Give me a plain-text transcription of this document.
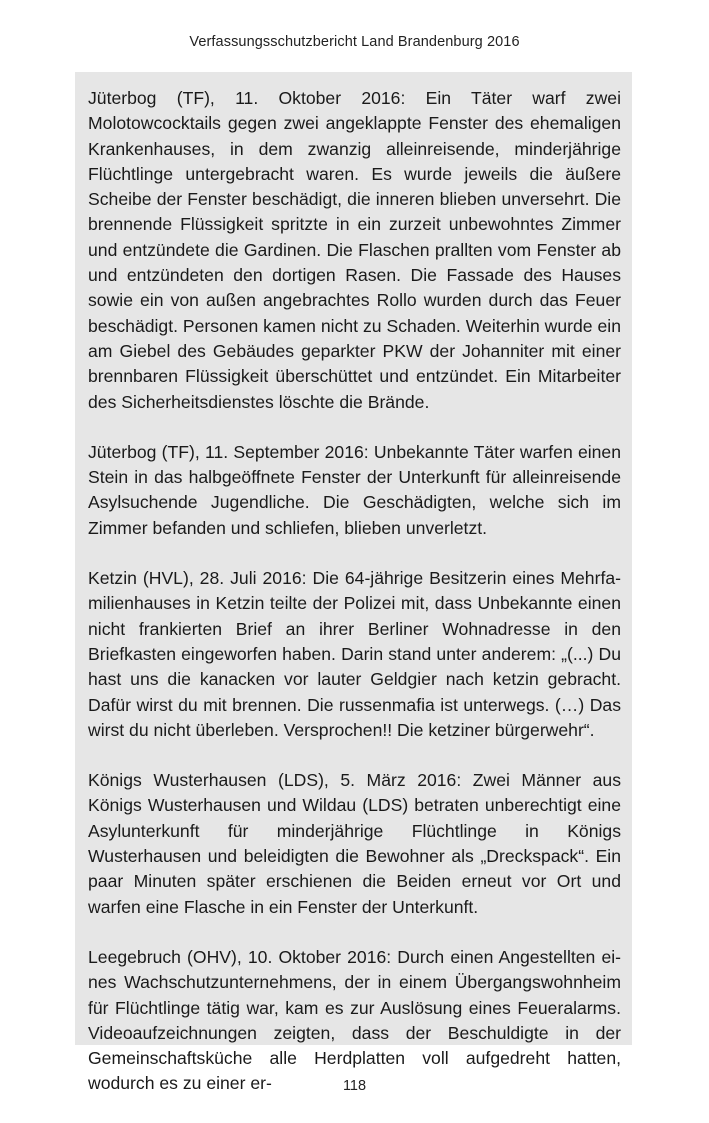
Verfassungsschutzbericht Land Brandenburg 2016

Jüterbog (TF), 11. Oktober 2016: Ein Täter warf zwei Molotowcocktails gegen zwei angeklappte Fenster des ehemaligen Krankenhauses, in dem zwanzig alleinreisende, minderjährige Flüchtlinge untergebracht waren. Es wurde jeweils die äußere Scheibe der Fenster beschädigt, die inneren blieben unversehrt. Die brennende Flüssigkeit spritzte in ein zurzeit unbewohntes Zimmer und entzündete die Gardinen. Die Flaschen prallten vom Fenster ab und entzündeten den dortigen Rasen. Die Fassade des Hauses sowie ein von außen angebrachtes Rollo wurden durch das Feuer beschädigt. Personen kamen nicht zu Schaden. Weiterhin wurde ein am Giebel des Gebäudes geparkter PKW der Johanniter mit einer brennbaren Flüssigkeit überschüttet und entzündet. Ein Mitarbeiter des Sicherheitsdienstes löschte die Brände.

Jüterbog (TF), 11. September 2016: Unbekannte Täter warfen einen Stein in das halbgeöffnete Fenster der Unterkunft für alleinreisende Asylsuchende Jugendliche. Die Geschädigten, welche sich im Zimmer befanden und schliefen, blieben unverletzt.

Ketzin (HVL), 28. Juli 2016: Die 64-jährige Besitzerin eines Mehrfamilienhauses in Ketzin teilte der Polizei mit, dass Unbekannte einen nicht frankierten Brief an ihrer Berliner Wohnadresse in den Briefkasten eingeworfen haben. Darin stand unter anderem: „(...) Du hast uns die kanacken vor lauter Geldgier nach ketzin gebracht. Dafür wirst du mit brennen. Die russenmafia ist unterwegs. (…) Das wirst du nicht überleben. Versprochen!! Die ketziner bürgerwehr“.

Königs Wusterhausen (LDS), 5. März 2016: Zwei Männer aus Königs Wusterhausen und Wildau (LDS) betraten unberechtigt eine Asylunterkunft für minderjährige Flüchtlinge in Königs Wusterhausen und beleidigten die Bewohner als „Dreckspack“. Ein paar Minuten später erschienen die Beiden erneut vor Ort und warfen eine Flasche in ein Fenster der Unterkunft.

Leegebruch (OHV), 10. Oktober 2016: Durch einen Angestellten eines Wachschutzunternehmens, der in einem Übergangswohnheim für Flüchtlinge tätig war, kam es zur Auslösung eines Feueralarms. Videoaufzeichnungen zeigten, dass der Beschuldigte in der Gemeinschaftsküche alle Herdplatten voll aufgedreht hatten, wodurch es zu einer er-	118
